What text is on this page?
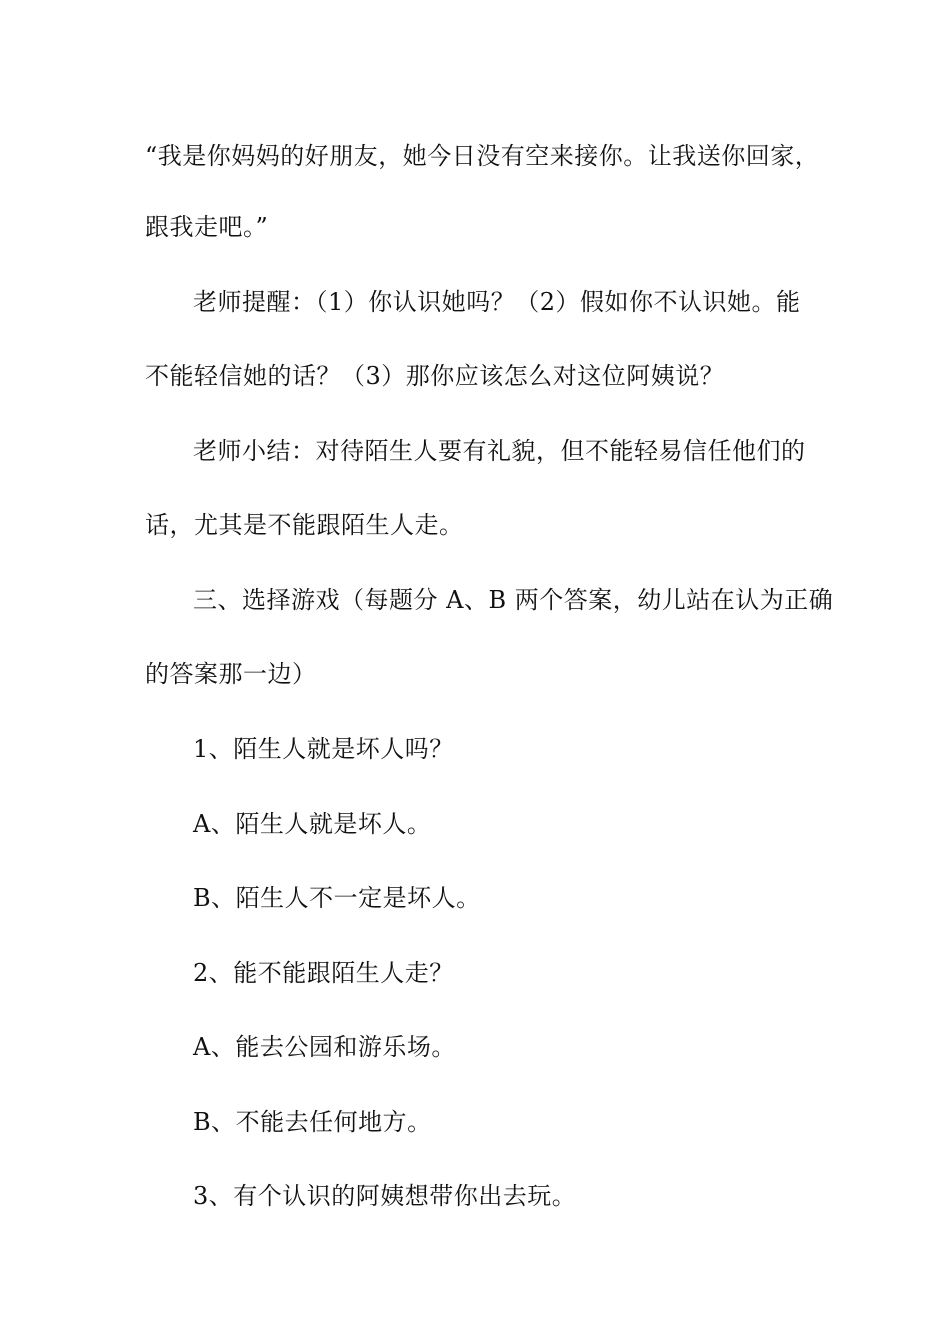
“我是你妈妈的好朋友，她今日没有空来接你。让我送你回家，
跟我走吧。”
老师提醒：（1）你认识她吗？（2）假如你不认识她。能
不能轻信她的话？（3）那你应该怎么对这位阿姨说？
老师小结：对待陌生人要有礼貌，但不能轻易信任他们的
话，尤其是不能跟陌生人走。
三、选择游戏（每题分 A、B 两个答案，幼儿站在认为正确
的答案那一边）
1、陌生人就是坏人吗？
A、陌生人就是坏人。
B、陌生人不一定是坏人。
2、能不能跟陌生人走？
A、能去公园和游乐场。
B、不能去任何地方。
3、有个认识的阿姨想带你出去玩。
